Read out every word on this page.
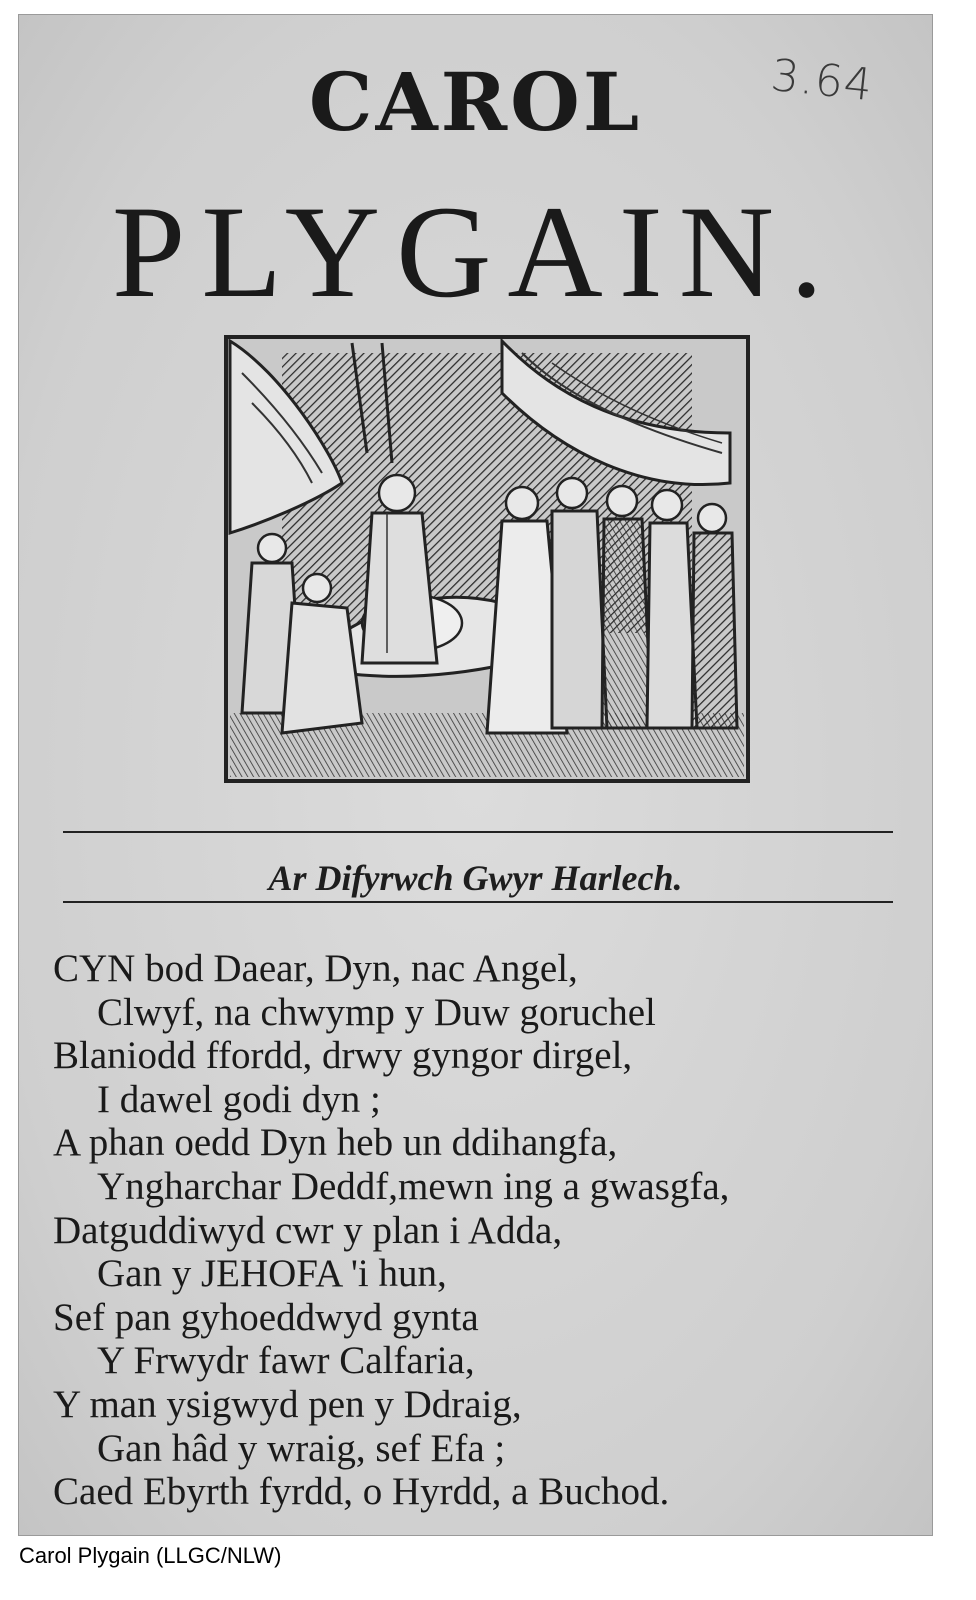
3.64
CAROL
PLYGAIN.
Ar Difyrwch Gwyr Harlech.
CYN bod Daear, Dyn, nac Angel,
Clwyf, na chwymp y Duw goruchel
Blaniodd ffordd, drwy gyngor dirgel,
I dawel godi dyn ;
A phan oedd Dyn heb un ddihangfa,
Yngharchar Deddf,mewn ing a gwasgfa,
Datguddiwyd cwr y plan i Adda,
Gan y JEHOFA 'i hun,
Sef pan gyhoeddwyd gynta
Y Frwydr fawr Calfaria,
Y man ysigwyd pen y Ddraig,
Gan hâd y wraig, sef Efa ;
Caed Ebyrth fyrdd, o Hyrdd, a Buchod.
Carol Plygain (LLGC/NLW)
